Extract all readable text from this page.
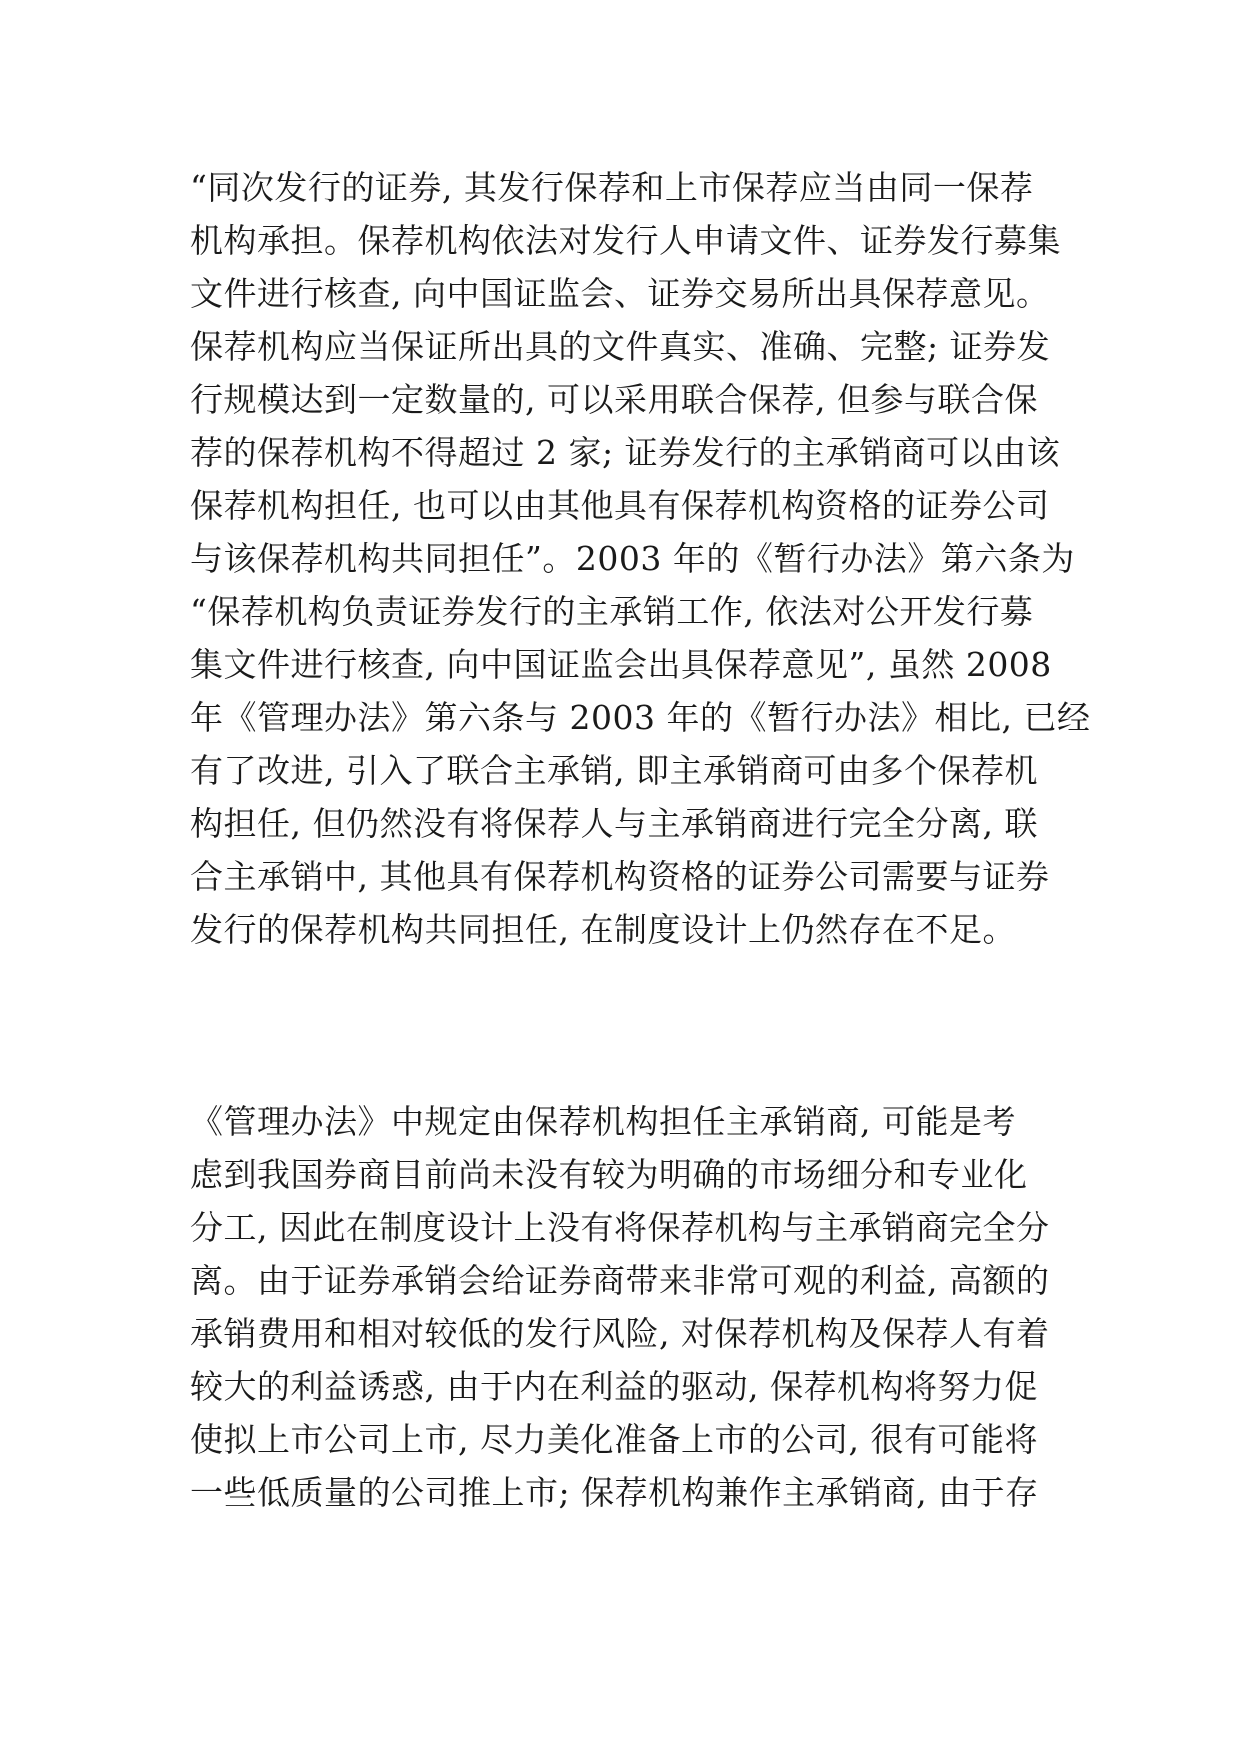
“同次发行的证券, 其发行保荐和上市保荐应当由同一保荐
机构承担。保荐机构依法对发行人申请文件、证券发行募集
文件进行核查, 向中国证监会、证券交易所出具保荐意见。
保荐机构应当保证所出具的文件真实、准确、完整; 证券发
行规模达到一定数量的, 可以采用联合保荐, 但参与联合保
荐的保荐机构不得超过 2 家; 证券发行的主承销商可以由该
保荐机构担任, 也可以由其他具有保荐机构资格的证券公司
与该保荐机构共同担任”。2003 年的《暂行办法》第六条为
“保荐机构负责证券发行的主承销工作, 依法对公开发行募
集文件进行核查, 向中国证监会出具保荐意见”, 虽然 2008
年《管理办法》第六条与 2003 年的《暂行办法》相比, 已经
有了改进, 引入了联合主承销, 即主承销商可由多个保荐机
构担任, 但仍然没有将保荐人与主承销商进行完全分离, 联
合主承销中, 其他具有保荐机构资格的证券公司需要与证券
发行的保荐机构共同担任, 在制度设计上仍然存在不足。
《管理办法》中规定由保荐机构担任主承销商, 可能是考
虑到我国券商目前尚未没有较为明确的市场细分和专业化
分工, 因此在制度设计上没有将保荐机构与主承销商完全分
离。由于证券承销会给证券商带来非常可观的利益, 高额的
承销费用和相对较低的发行风险, 对保荐机构及保荐人有着
较大的利益诱惑, 由于内在利益的驱动, 保荐机构将努力促
使拟上市公司上市, 尽力美化准备上市的公司, 很有可能将
一些低质量的公司推上市; 保荐机构兼作主承销商, 由于存
